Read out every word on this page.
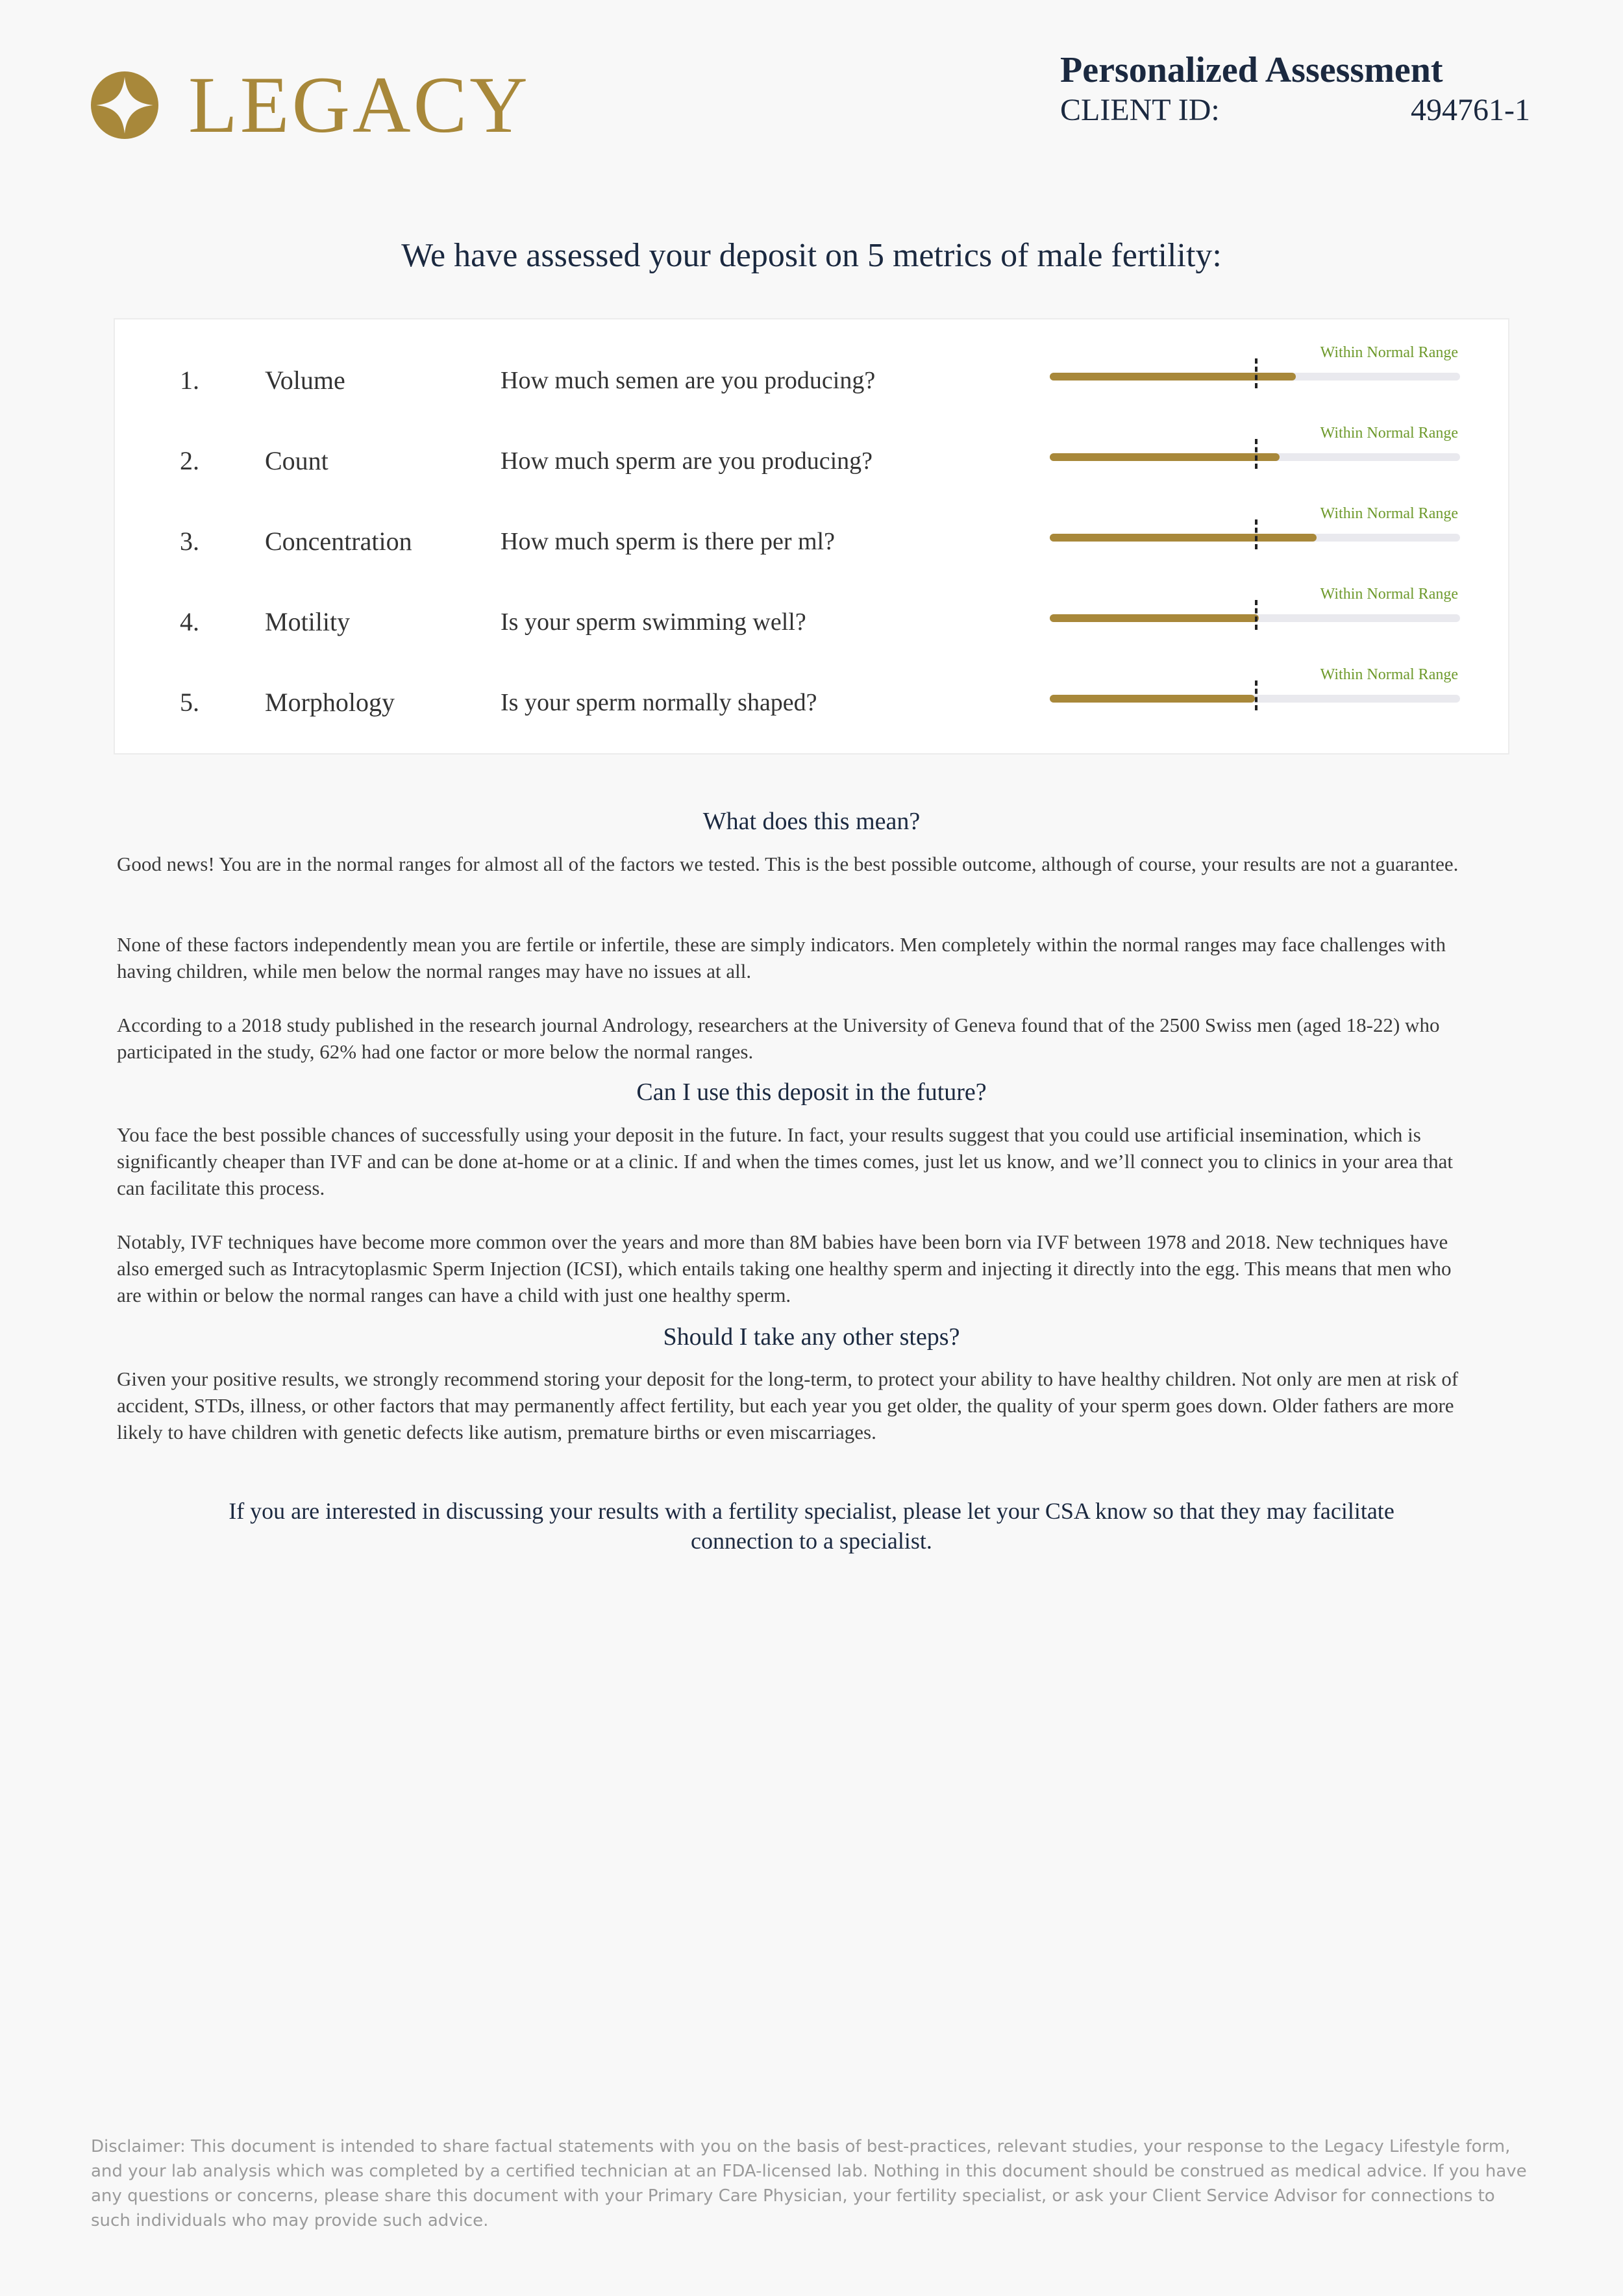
LEGACY	Personalized Assessment
CLIENT ID:	494761-1
We have assessed your deposit on 5 metrics of male fertility:
1.	Volume	How much semen are you producing?
Within Normal Range
2.	Count	How much sperm are you producing?
Within Normal Range
3.	Concentration	How much sperm is there per ml?
Within Normal Range
4.	Motility	Is your sperm swimming well?
Within Normal Range
5.	Morphology	Is your sperm normally shaped?
Within Normal Range
What does this mean?

Good news! You are in the normal ranges for almost all of the factors we tested. This is the best possible outcome, although of course, your results are not a guarantee.

None of these factors independently mean you are fertile or infertile, these are simply indicators. Men completely within the normal ranges may face challenges with having children, while men below the normal ranges may have no issues at all.

According to a 2018 study published in the research journal Andrology, researchers at the University of Geneva found that of the 2500 Swiss men (aged 18-22) who participated in the study, 62% had one factor or more below the normal ranges.

Can I use this deposit in the future?

You face the best possible chances of successfully using your deposit in the future. In fact, your results suggest that you could use artificial insemination, which is significantly cheaper than IVF and can be done at-home or at a clinic. If and when the times comes, just let us know, and we’ll connect you to clinics in your area that can facilitate this process.

Notably, IVF techniques have become more common over the years and more than 8M babies have been born via IVF between 1978 and 2018. New techniques have also emerged such as Intracytoplasmic Sperm Injection (ICSI), which entails taking one healthy sperm and injecting it directly into the egg. This means that men who are within or below the normal ranges can have a child with just one healthy sperm.

Should I take any other steps?

Given your positive results, we strongly recommend storing your deposit for the long-term, to protect your ability to have healthy children. Not only are men at risk of accident, STDs, illness, or other factors that may permanently affect fertility, but each year you get older, the quality of your sperm goes down. Older fathers are more likely to have children with genetic defects like autism, premature births or even miscarriages.

If you are interested in discussing your results with a fertility specialist, please let your CSA know so that they may facilitate connection to a specialist.

Disclaimer: This document is intended to share factual statements with you on the basis of best-practices, relevant studies, your response to the Legacy Lifestyle form, and your lab analysis which was completed by a certified technician at an FDA-licensed lab. Nothing in this document should be construed as medical advice. If you have any questions or concerns, please share this document with your Primary Care Physician, your fertility specialist, or ask your Client Service Advisor for connections to such individuals who may provide such advice.
